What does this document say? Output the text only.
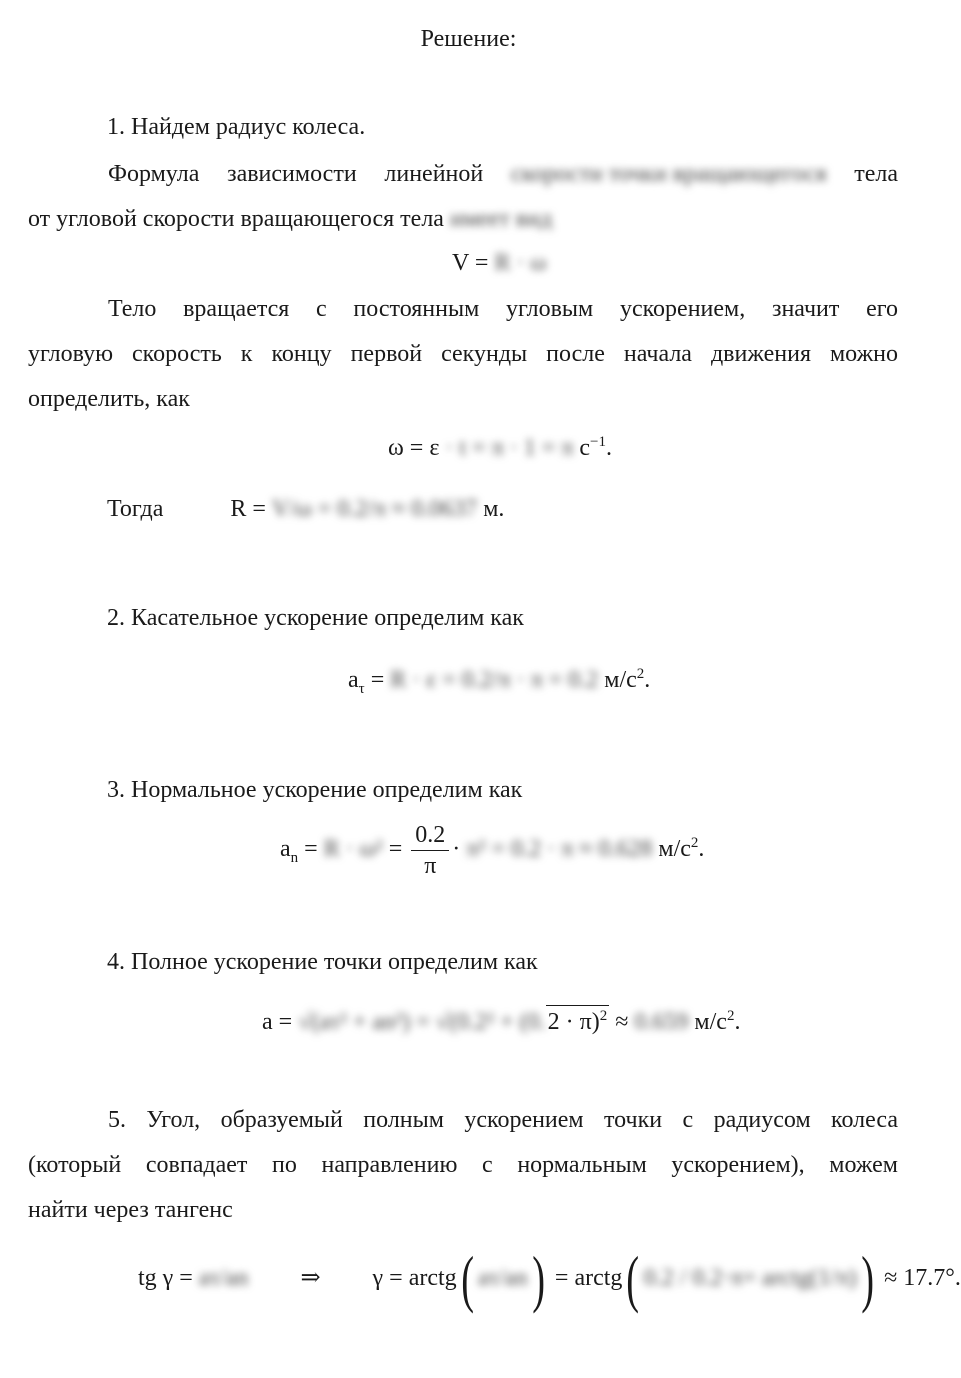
Решение:
1. Найдем радиус колеса.
Формула зависимости линейной скорости точки вращающегося тела
от угловой скорости вращающегося тела имеет вид
V = R · ω
Тело вращается с постоянным угловым ускорением, значит его
угловую скорость к концу первой секунды после начала движения можно
определить, как
ω = ε · t = π · 1 = π $с^{-1}$.
Тогда	R = V/ω = 0.2/π ≈ 0.0637 м.
2. Касательное ускорение определим как
$a_\tau = R \cdot \varepsilon = 0.2/\pi \cdot \pi = 0.2$ $м/с^2$.
3. Нормальное ускорение определим как
$a_n = R \cdot \omega^2 = \frac{0.2}{\pi} \cdot \pi^2 = 0.2 \cdot \pi \approx 0.628$ $м/с^2$.
4. Полное ускорение точки определим как
$a = √(a\tau^2 + an^2) = √(0.2^2 + (0.2 \cdot \pi)^2 \approx 0.659$ $м/с^2$.
5. Угол, образуемый полным ускорением точки с радиусом колеса
(который совпадает по направлению с нормальным ускорением), можем
найти через тангенс
tg γ = aτ/an ⇒ γ = arctg( aτ/an) = arctg( 0.2 / 0.2·π= arctg(1/π)) ≈ 17.7°.
